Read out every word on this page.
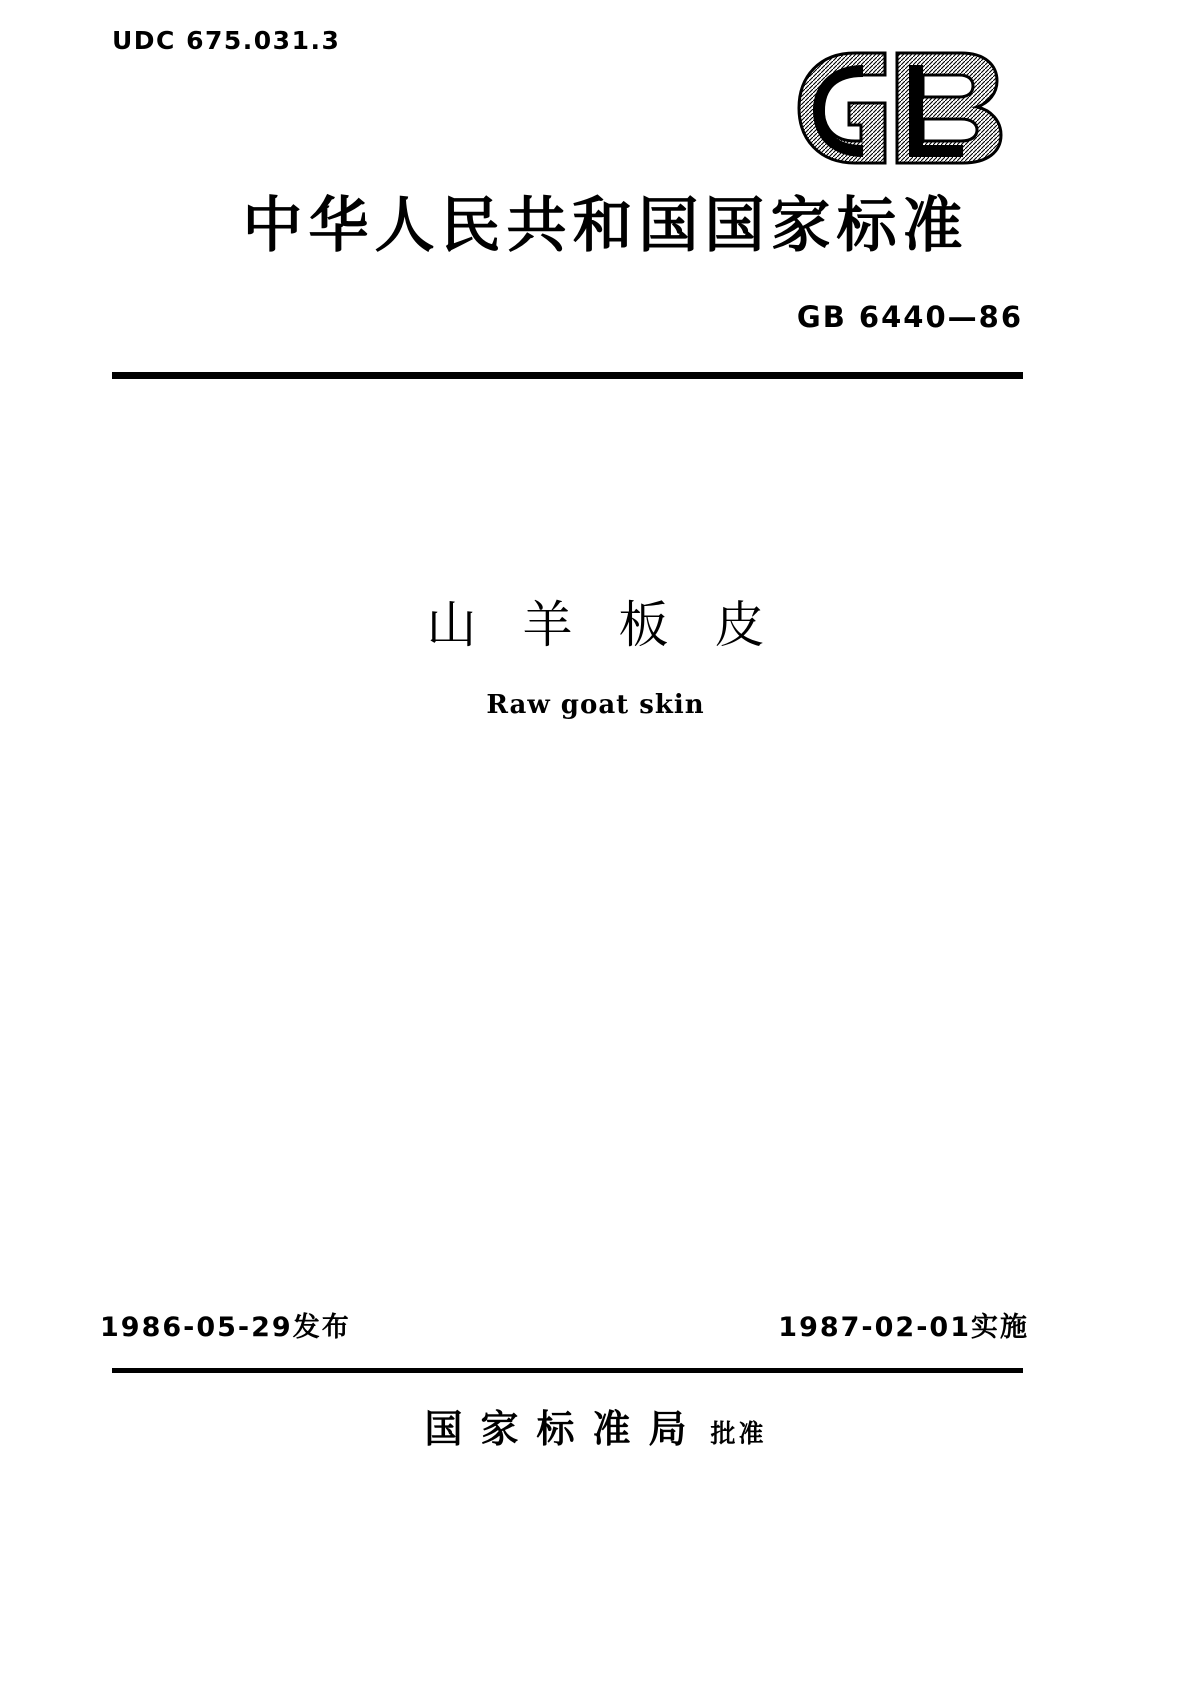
UDC 675.031.3
中华人民共和国国家标准
GB 6440—86
山羊板皮
Raw goat skin
1986-05-29发布	1987-02-01实施
国家标准局 批准
